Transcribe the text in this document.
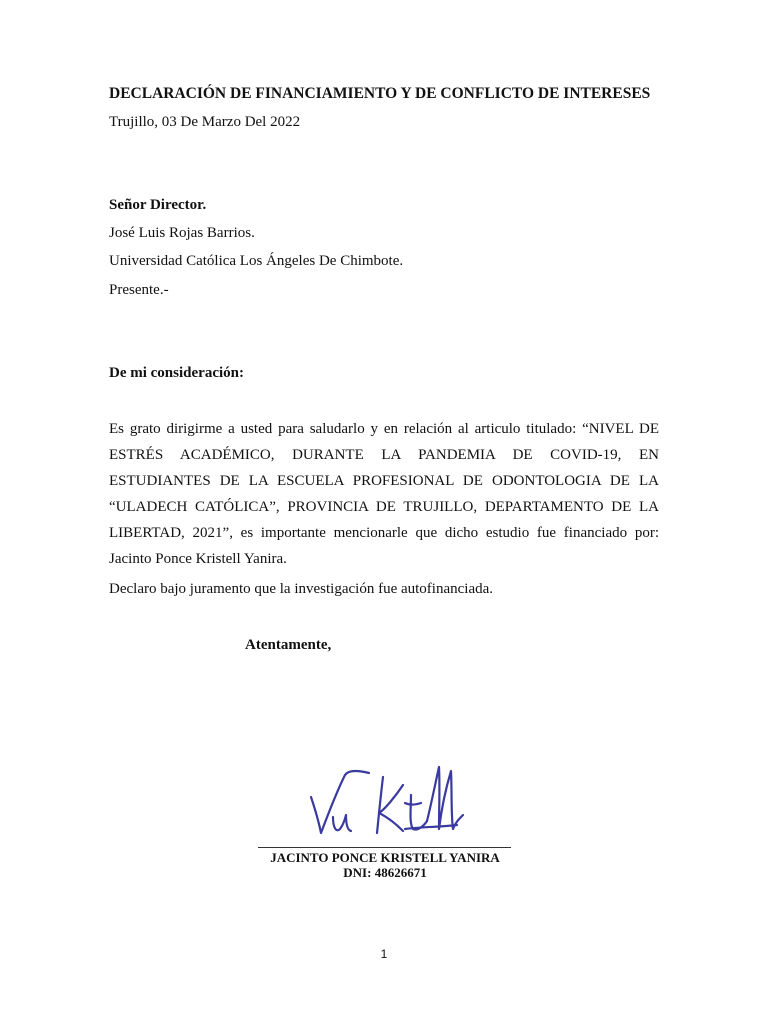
DECLARACIÓN DE FINANCIAMIENTO Y DE CONFLICTO DE INTERESES

Trujillo, 03 De Marzo Del 2022

Señor Director.

José Luis Rojas Barrios.

Universidad Católica Los Ángeles De Chimbote.

Presente.-

De mi consideración:

Es grato dirigirme a usted para saludarlo y en relación al articulo titulado: “NIVEL DE ESTRÉS ACADÉMICO, DURANTE LA PANDEMIA DE COVID-19, EN ESTUDIANTES DE LA ESCUELA PROFESIONAL DE ODONTOLOGIA DE LA “ULADECH CATÓLICA”, PROVINCIA DE TRUJILLO, DEPARTAMENTO DE LA LIBERTAD, 2021”, es importante mencionarle que dicho estudio fue financiado por: Jacinto Ponce Kristell Yanira.

Declaro bajo juramento que la investigación fue autofinanciada.

Atentamente,

JACINTO PONCE KRISTELL YANIRA

DNI: 48626671

1
